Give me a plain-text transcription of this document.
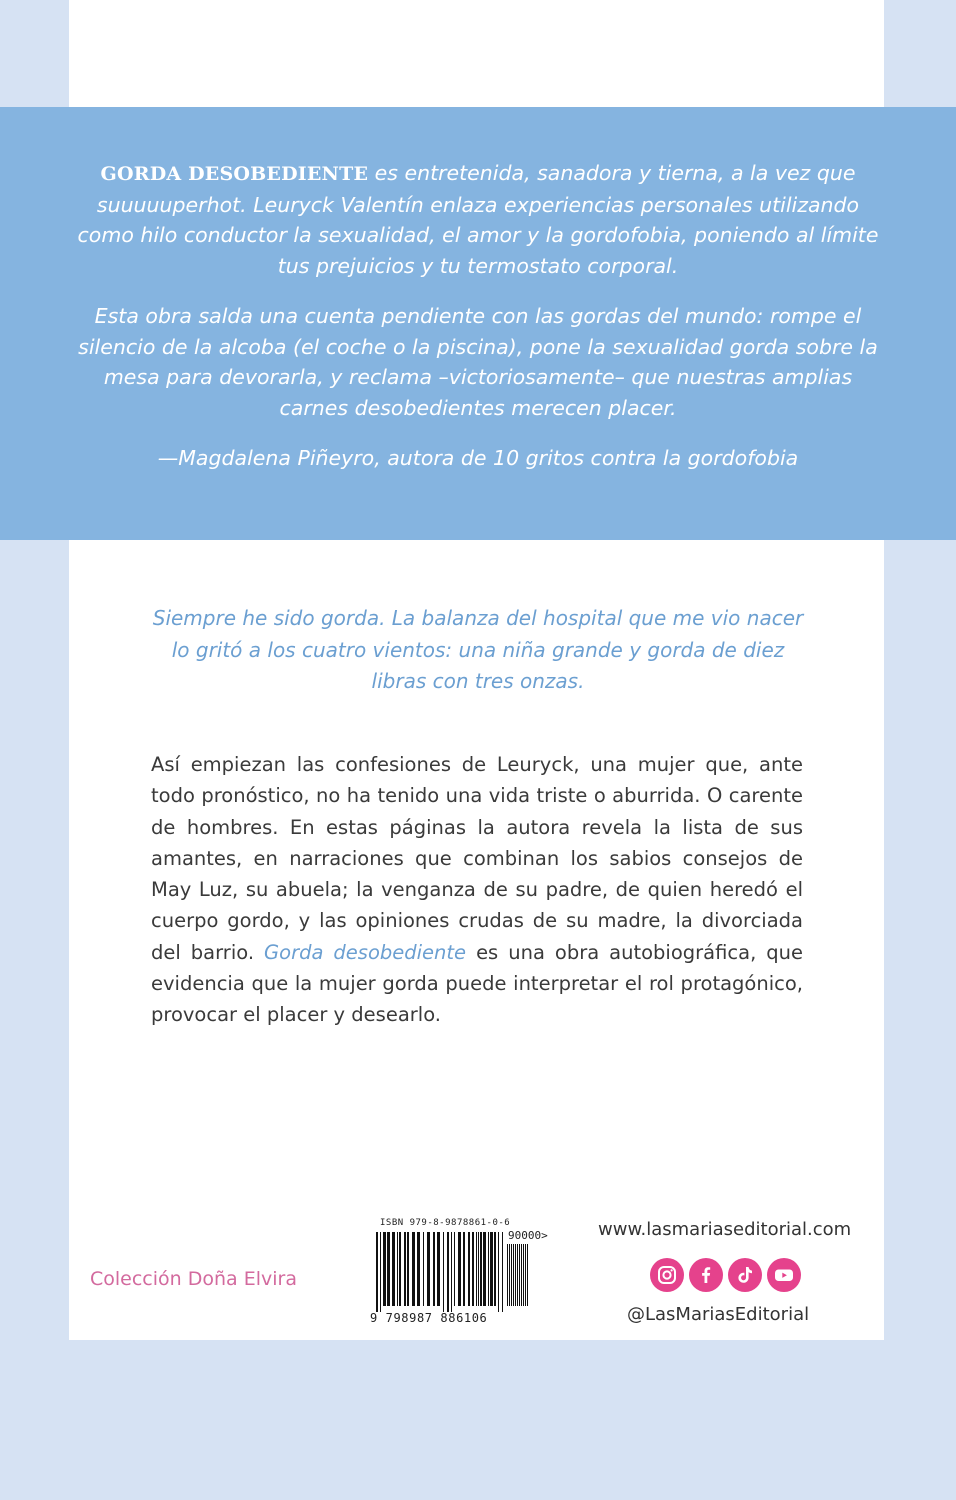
GORDA DESOBEDIENTE es entretenida, sanadora y tierna, a la vez que suuuuuperhot. Leuryck Valentín enlaza experiencias personales utilizando como hilo conductor la sexualidad, el amor y la gordofobia, poniendo al límite tus prejuicios y tu termostato corporal.

Esta obra salda una cuenta pendiente con las gordas del mundo: rompe el silencio de la alcoba (el coche o la piscina), pone la sexualidad gorda sobre la mesa para devorarla, y reclama –victoriosamente– que nuestras amplias carnes desobedientes merecen placer.

—Magdalena Piñeyro, autora de 10 gritos contra la gordofobia

Siempre he sido gorda. La balanza del hospital que me vio nacer lo gritó a los cuatro vientos: una niña grande y gorda de diez libras con tres onzas.
Así empiezan las confesiones de Leuryck, una mujer que, ante todo pronóstico, no ha tenido una vida triste o aburrida. O carente de hombres. En estas páginas la autora revela la lista de sus amantes, en narraciones que combinan los sabios consejos de May Luz, su abuela; la venganza de su padre, de quien heredó el cuerpo gordo, y las opiniones crudas de su madre, la divorciada del barrio. Gorda desobediente es una obra autobiográfica, que evidencia que la mujer gorda puede interpretar el rol protagónico, provocar el placer y desearlo.
Colección Doña Elvira
ISBN 979-8-9878861-0-6
90000>
9 798987 886106
www.lasmariaseditorial.com
@LasMariasEditorial
